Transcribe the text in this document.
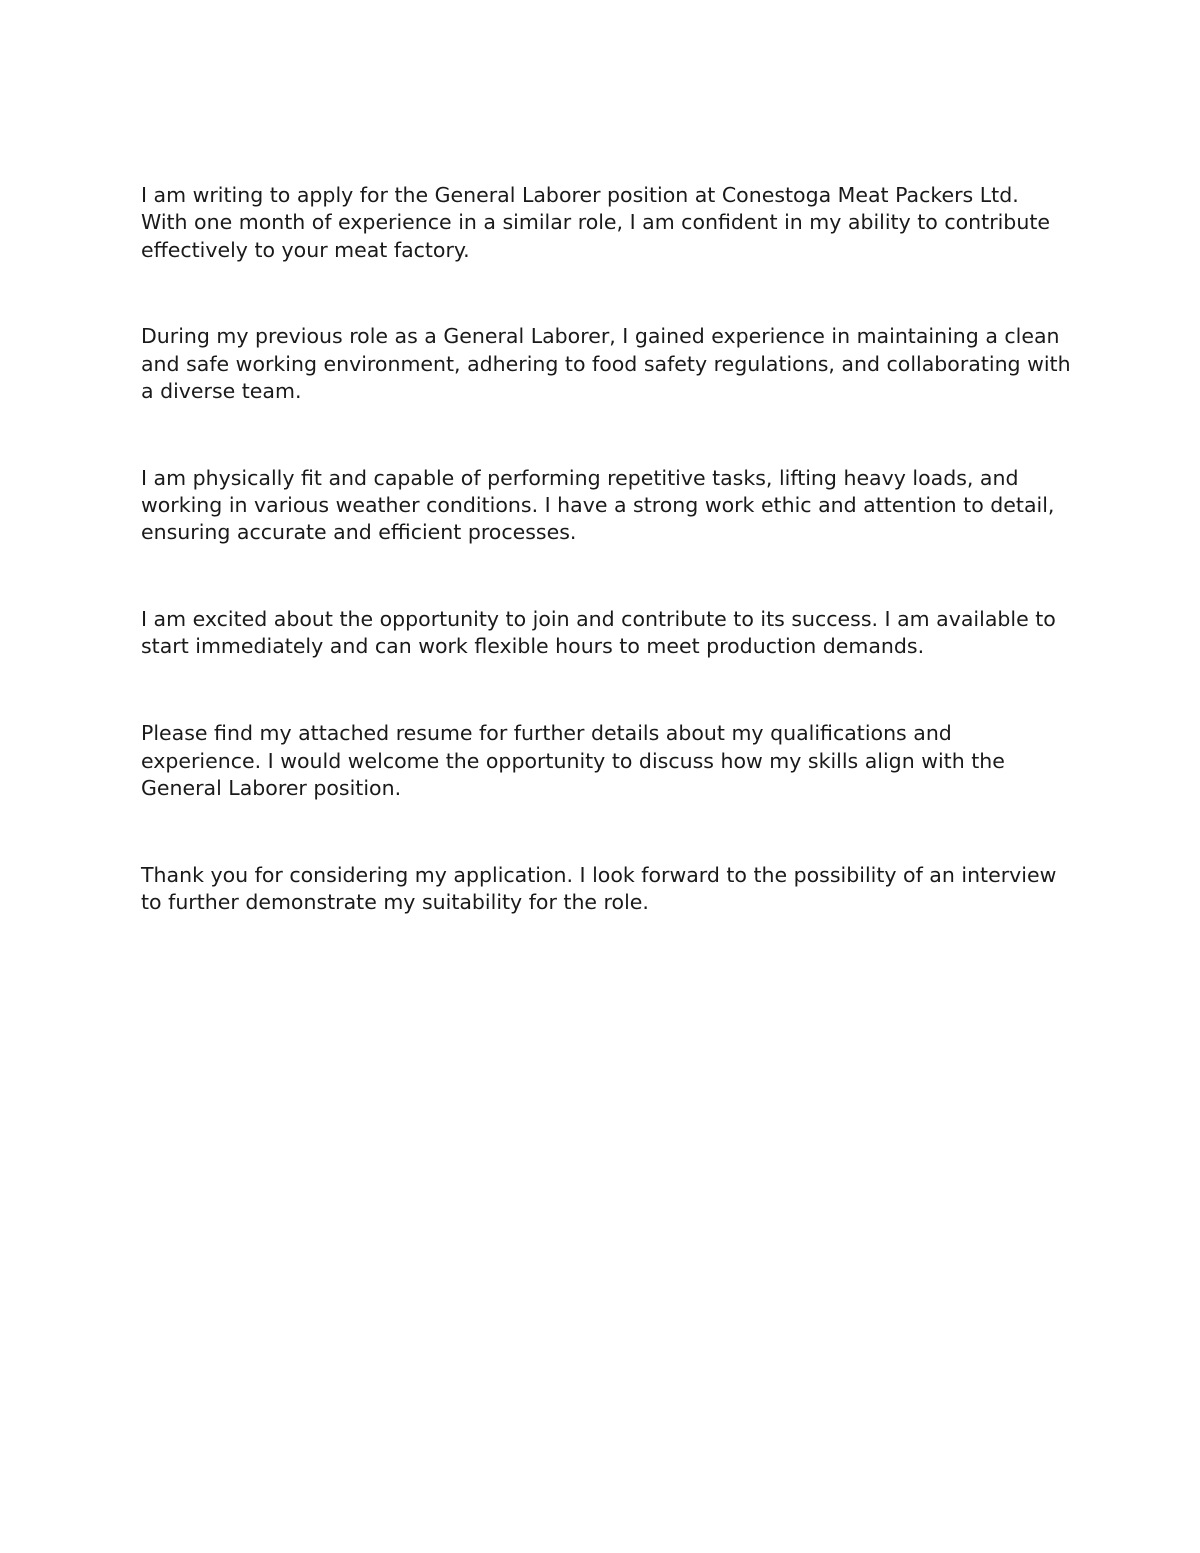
I am writing to apply for the General Laborer position at Conestoga Meat Packers Ltd. With one month of experience in a similar role, I am confident in my ability to contribute effectively to your meat factory.

During my previous role as a General Laborer, I gained experience in maintaining a clean and safe working environment, adhering to food safety regulations, and collaborating with a diverse team.

I am physically fit and capable of performing repetitive tasks, lifting heavy loads, and working in various weather conditions. I have a strong work ethic and attention to detail, ensuring accurate and efficient processes.

I am excited about the opportunity to join and contribute to its success. I am available to start immediately and can work flexible hours to meet production demands.

Please find my attached resume for further details about my qualifications and experience. I would welcome the opportunity to discuss how my skills align with the General Laborer position.

Thank you for considering my application. I look forward to the possibility of an interview to further demonstrate my suitability for the role.
